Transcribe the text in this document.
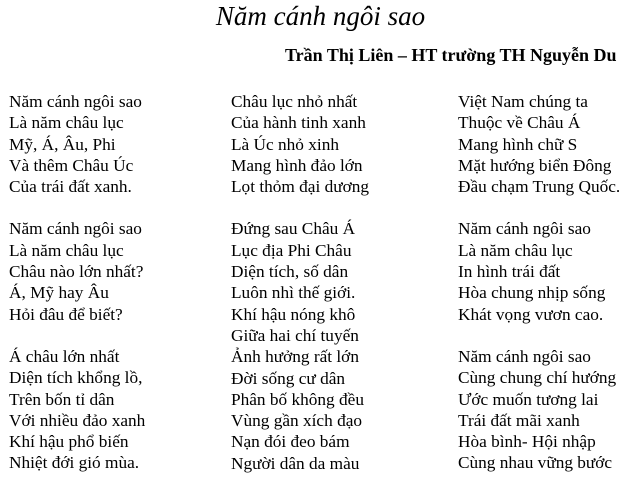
Năm cánh ngôi sao
Trần Thị Liên – HT trường TH Nguyễn Du
Năm cánh ngôi sao
Là năm châu lục
Mỹ, Á, Âu, Phi
Và thêm Châu Úc
Của trái đất xanh.
Năm cánh ngôi sao
Là năm châu lục
Châu nào lớn nhất?
Á, Mỹ hay Âu
Hỏi đâu để biết?
Á châu lớn nhất
Diện tích khổng lồ,
Trên bốn tỉ dân
Với nhiều đảo xanh
Khí hậu phổ biến
Nhiệt đới gió mùa.
Châu lục nhỏ nhất
Của hành tinh xanh
Là Úc nhỏ xinh
Mang hình đảo lớn
Lọt thỏm đại dương
Đứng sau Châu Á
Lục địa Phi Châu
Diện tích, số dân
Luôn nhì thế giới.
Khí hậu nóng khô
Giữa hai chí tuyến
Ảnh hưởng rất lớn
Đời sống cư dân
Phân bố không đều
Vùng gần xích đạo
Nạn đói đeo bám
Người dân da màu
Việt Nam chúng ta
Thuộc về Châu Á
Mang hình chữ S
Mặt hướng biển Đông
Đầu chạm Trung Quốc.
Năm cánh ngôi sao
Là năm châu lục
In hình trái đất
Hòa chung nhịp sống
Khát vọng vươn cao.
Năm cánh ngôi sao
Cùng chung chí hướng
Ước muốn tương lai
Trái đất mãi xanh
Hòa bình- Hội nhập
Cùng nhau vững bước
